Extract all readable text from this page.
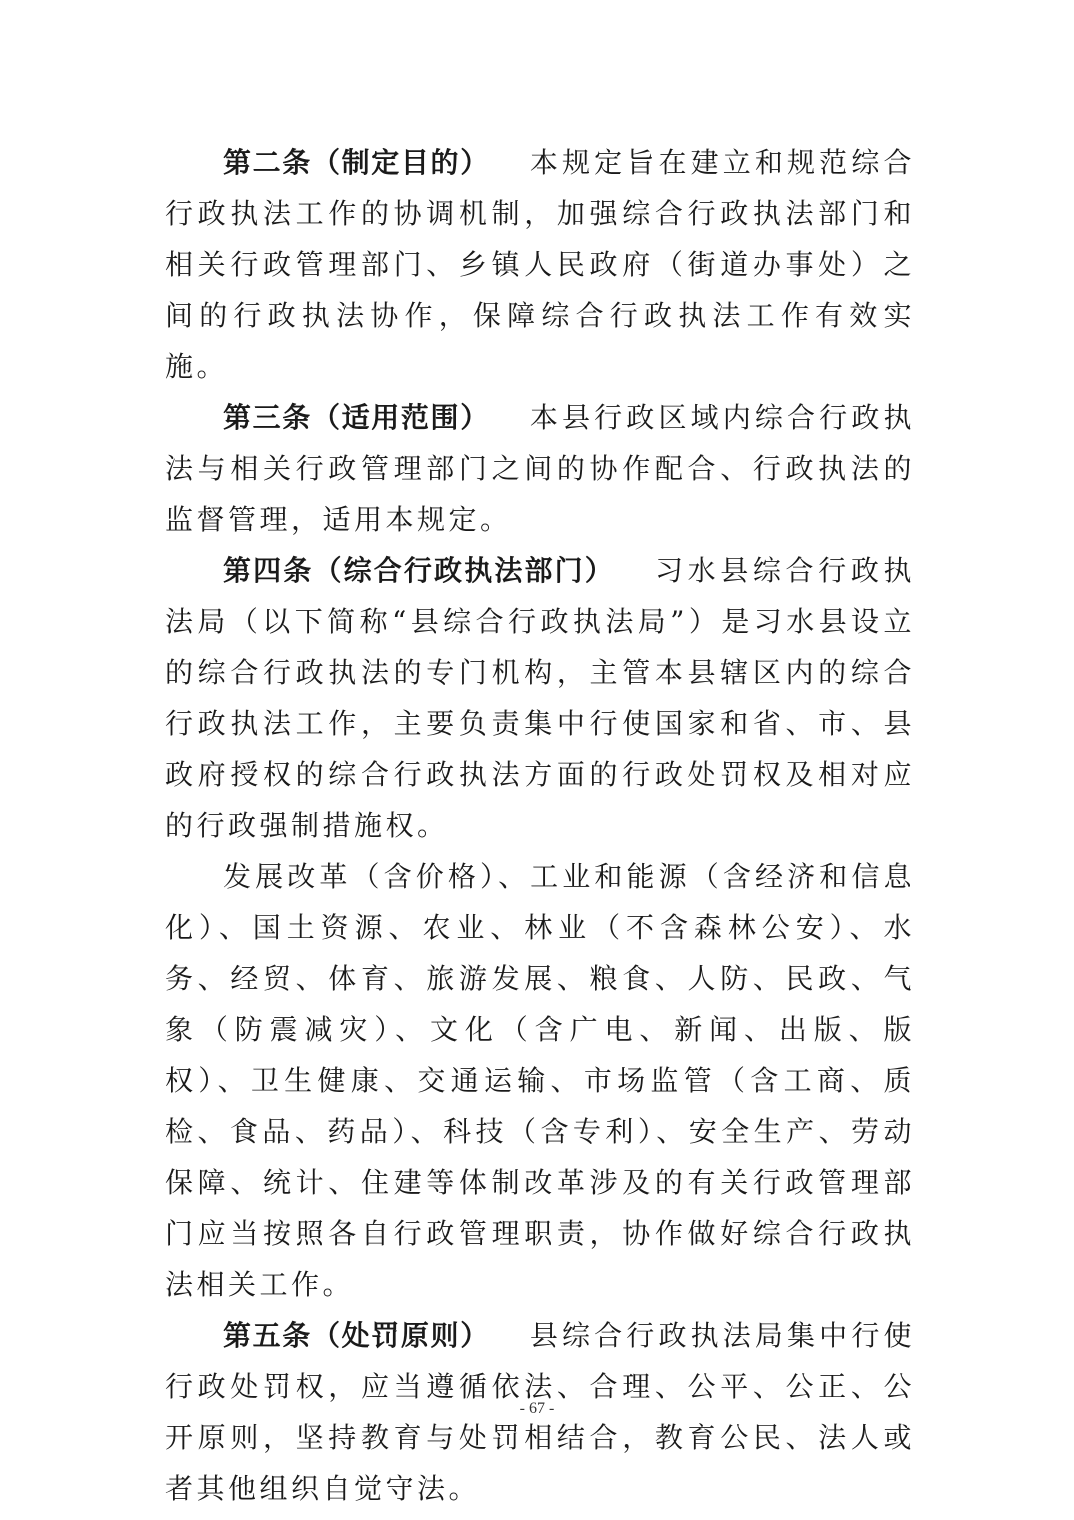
第二条（制定目的） 本规定旨在建立和规范综合行政执法工作的协调机制，加强综合行政执法部门和相关行政管理部门、乡镇人民政府（街道办事处）之间的行政执法协作，保障综合行政执法工作有效实施。

第三条（适用范围） 本县行政区域内综合行政执法与相关行政管理部门之间的协作配合、行政执法的监督管理，适用本规定。

第四条（综合行政执法部门） 习水县综合行政执法局（以下简称“县综合行政执法局”）是习水县设立的综合行政执法的专门机构，主管本县辖区内的综合行政执法工作，主要负责集中行使国家和省、市、县政府授权的综合行政执法方面的行政处罚权及相对应的行政强制措施权。

发展改革（含价格）、工业和能源（含经济和信息化）、国土资源、农业、林业（不含森林公安）、水务、经贸、体育、旅游发展、粮食、人防、民政、气象（防震减灾）、文化（含广电、新闻、出版、版权）、卫生健康、交通运输、市场监管（含工商、质检、食品、药品）、科技（含专利）、安全生产、劳动保障、统计、住建等体制改革涉及的有关行政管理部门应当按照各自行政管理职责，协作做好综合行政执法相关工作。

第五条（处罚原则） 县综合行政执法局集中行使行政处罚权，应当遵循依法、合理、公平、公正、公开原则，坚持教育与处罚相结合，教育公民、法人或者其他组织自觉守法。

- 67 -
